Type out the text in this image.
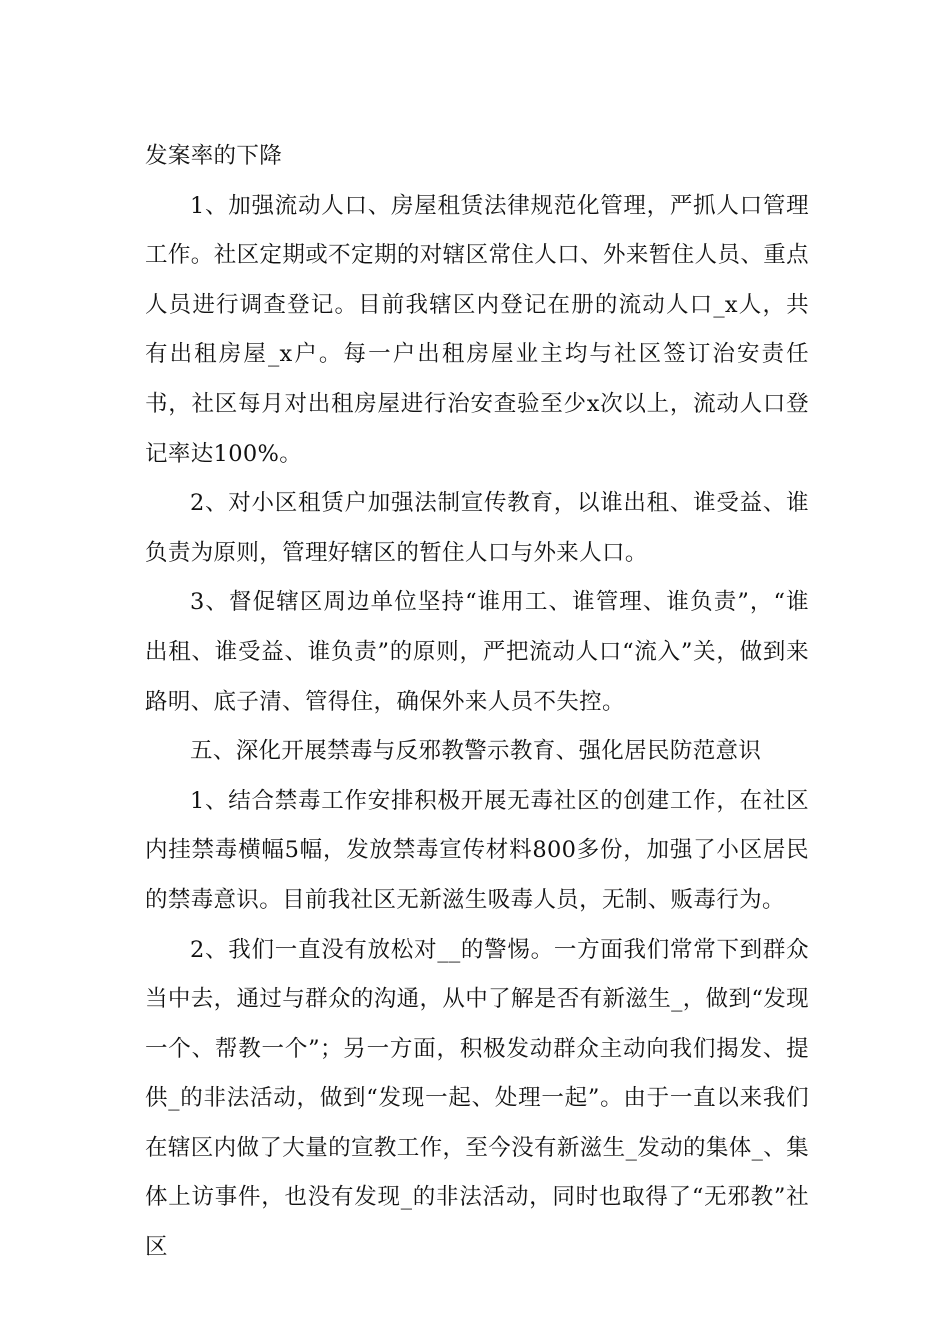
发案率的下降

1、加强流动人口、房屋租赁法律规范化管理，严抓人口管理工作。社区定期或不定期的对辖区常住人口、外来暂住人员、重点人员进行调查登记。目前我辖区内登记在册的流动人口_x人，共有出租房屋_x户。每一户出租房屋业主均与社区签订治安责任书，社区每月对出租房屋进行治安查验至少x次以上，流动人口登记率达100%。

2、对小区租赁户加强法制宣传教育，以谁出租、谁受益、谁负责为原则，管理好辖区的暂住人口与外来人口。

3、督促辖区周边单位坚持“谁用工、谁管理、谁负责”，“谁出租、谁受益、谁负责”的原则，严把流动人口“流入”关，做到来路明、底子清、管得住，确保外来人员不失控。

五、深化开展禁毒与反邪教警示教育、强化居民防范意识

1、结合禁毒工作安排积极开展无毒社区的创建工作，在社区内挂禁毒横幅5幅，发放禁毒宣传材料800多份，加强了小区居民的禁毒意识。目前我社区无新滋生吸毒人员，无制、贩毒行为。

2、我们一直没有放松对__的警惕。一方面我们常常下到群众当中去，通过与群众的沟通，从中了解是否有新滋生_，做到“发现一个、帮教一个”；另一方面，积极发动群众主动向我们揭发、提供_的非法活动，做到“发现一起、处理一起”。由于一直以来我们在辖区内做了大量的宣教工作，至今没有新滋生_发动的集体_、集体上访事件，也没有发现_的非法活动，同时也取得了“无邪教”社区
